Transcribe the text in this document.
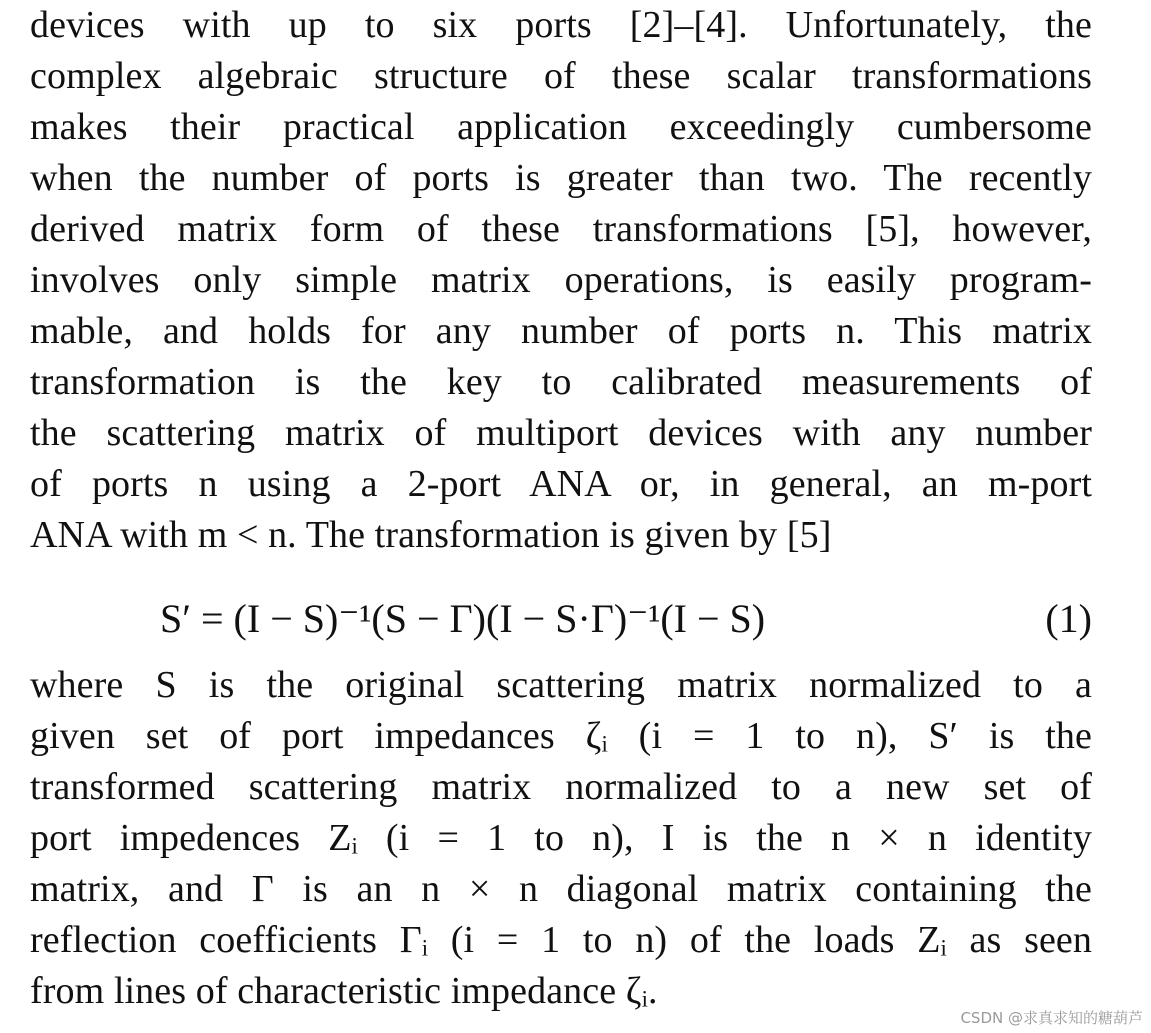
devices with up to six ports [2]–[4]. Unfortunately, the
complex algebraic structure of these scalar transformations
makes their practical application exceedingly cumbersome
when the number of ports is greater than two. The recently
derived matrix form of these transformations [5], however,
involves only simple matrix operations, is easily program-
mable, and holds for any number of ports n. This matrix
transformation is the key to calibrated measurements of
the scattering matrix of multiport devices with any number
of ports n using a 2-port ANA or, in general, an m-port
ANA with m < n. The transformation is given by [5]
S′ = (I − S)⁻¹(S − Γ)(I − S·Γ)⁻¹(I − S)	(1)
where S is the original scattering matrix normalized to a
given set of port impedances ζᵢ (i = 1 to n), S′ is the
transformed scattering matrix normalized to a new set of
port impedences Zᵢ (i = 1 to n), I is the n × n identity
matrix, and Γ is an n × n diagonal matrix containing the
reflection coefficients Γᵢ (i = 1 to n) of the loads Zᵢ as seen
from lines of characteristic impedance ζᵢ.
CSDN @求真求知的糖葫芦
